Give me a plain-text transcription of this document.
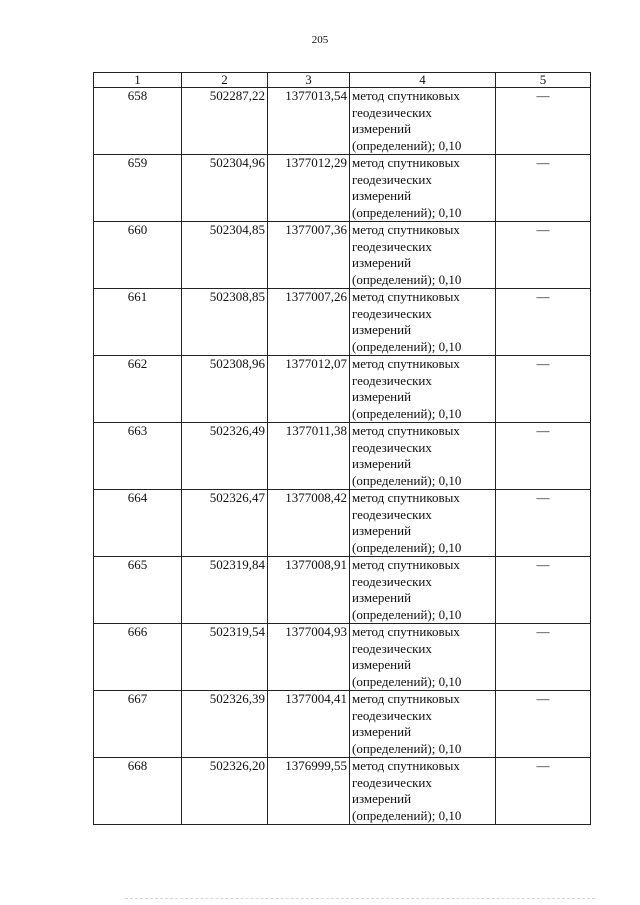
205
1	2	3	4	5
658	502287,22	1377013,54	метод спутниковых
геодезических
измерений
(определений); 0,10	—
659	502304,96	1377012,29	метод спутниковых
геодезических
измерений
(определений); 0,10	—
660	502304,85	1377007,36	метод спутниковых
геодезических
измерений
(определений); 0,10	—
661	502308,85	1377007,26	метод спутниковых
геодезических
измерений
(определений); 0,10	—
662	502308,96	1377012,07	метод спутниковых
геодезических
измерений
(определений); 0,10	—
663	502326,49	1377011,38	метод спутниковых
геодезических
измерений
(определений); 0,10	—
664	502326,47	1377008,42	метод спутниковых
геодезических
измерений
(определений); 0,10	—
665	502319,84	1377008,91	метод спутниковых
геодезических
измерений
(определений); 0,10	—
666	502319,54	1377004,93	метод спутниковых
геодезических
измерений
(определений); 0,10	—
667	502326,39	1377004,41	метод спутниковых
геодезических
измерений
(определений); 0,10	—
668	502326,20	1376999,55	метод спутниковых
геодезических
измерений
(определений); 0,10	—
